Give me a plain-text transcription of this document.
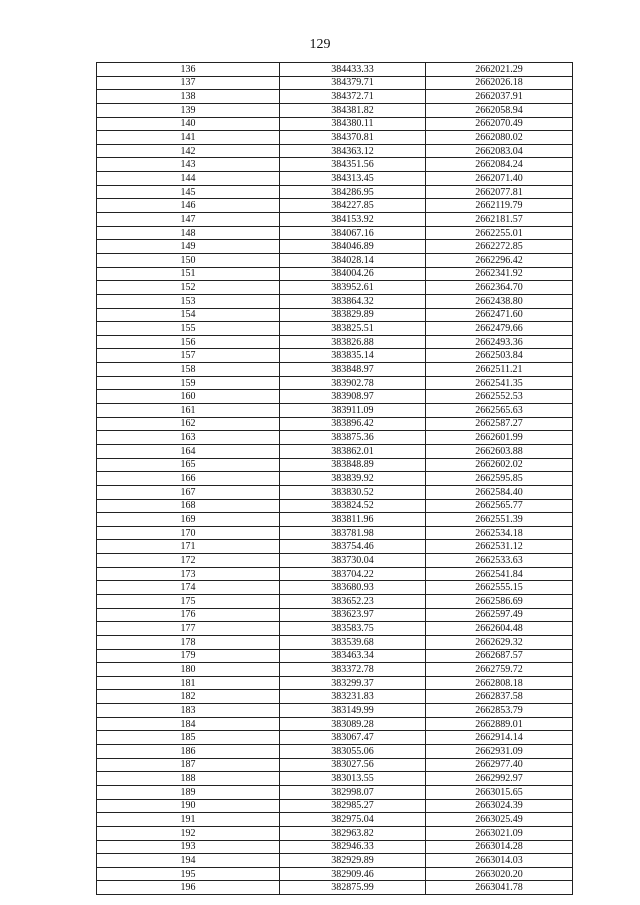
129
136	384433.33	2662021.29
137	384379.71	2662026.18
138	384372.71	2662037.91
139	384381.82	2662058.94
140	384380.11	2662070.49
141	384370.81	2662080.02
142	384363.12	2662083.04
143	384351.56	2662084.24
144	384313.45	2662071.40
145	384286.95	2662077.81
146	384227.85	2662119.79
147	384153.92	2662181.57
148	384067.16	2662255.01
149	384046.89	2662272.85
150	384028.14	2662296.42
151	384004.26	2662341.92
152	383952.61	2662364.70
153	383864.32	2662438.80
154	383829.89	2662471.60
155	383825.51	2662479.66
156	383826.88	2662493.36
157	383835.14	2662503.84
158	383848.97	2662511.21
159	383902.78	2662541.35
160	383908.97	2662552.53
161	383911.09	2662565.63
162	383896.42	2662587.27
163	383875.36	2662601.99
164	383862.01	2662603.88
165	383848.89	2662602.02
166	383839.92	2662595.85
167	383830.52	2662584.40
168	383824.52	2662565.77
169	383811.96	2662551.39
170	383781.98	2662534.18
171	383754.46	2662531.12
172	383730.04	2662533.63
173	383704.22	2662541.84
174	383680.93	2662555.15
175	383652.23	2662586.69
176	383623.97	2662597.49
177	383583.75	2662604.48
178	383539.68	2662629.32
179	383463.34	2662687.57
180	383372.78	2662759.72
181	383299.37	2662808.18
182	383231.83	2662837.58
183	383149.99	2662853.79
184	383089.28	2662889.01
185	383067.47	2662914.14
186	383055.06	2662931.09
187	383027.56	2662977.40
188	383013.55	2662992.97
189	382998.07	2663015.65
190	382985.27	2663024.39
191	382975.04	2663025.49
192	382963.82	2663021.09
193	382946.33	2663014.28
194	382929.89	2663014.03
195	382909.46	2663020.20
196	382875.99	2663041.78
